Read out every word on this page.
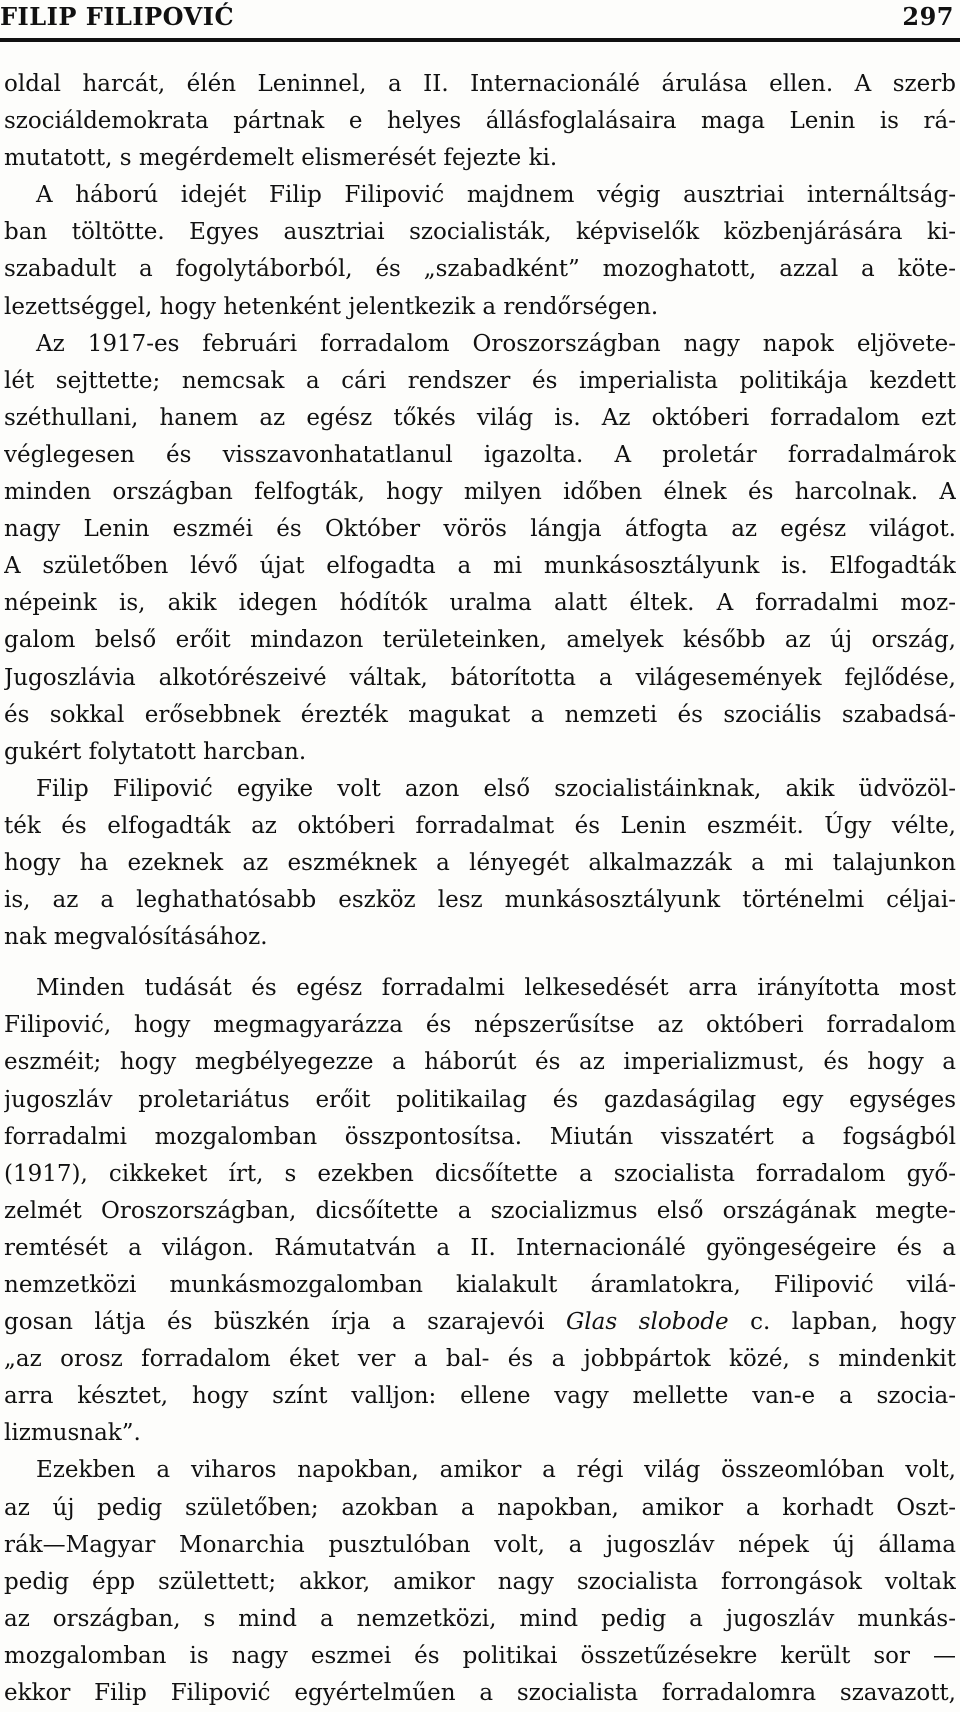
FILIP FILIPOVIĆ	297
oldal harcát, élén Leninnel, a II. Internacionálé árulása ellen. A szerb
szociáldemokrata pártnak e helyes állásfoglalásaira maga Lenin is rá-
mutatott, s megérdemelt elismerését fejezte ki.
A háború idejét Filip Filipović majdnem végig ausztriai internáltság-
ban töltötte. Egyes ausztriai szocialisták, képviselők közbenjárására ki-
szabadult a fogolytáborból, és „szabadként” mozoghatott, azzal a köte-
lezettséggel, hogy hetenként jelentkezik a rendőrségen.
Az 1917-es februári forradalom Oroszországban nagy napok eljövete-
lét sejttette; nemcsak a cári rendszer és imperialista politikája kezdett
széthullani, hanem az egész tőkés világ is. Az októberi forradalom ezt
véglegesen és visszavonhatatlanul igazolta. A proletár forradalmárok
minden országban felfogták, hogy milyen időben élnek és harcolnak. A
nagy Lenin eszméi és Október vörös lángja átfogta az egész világot.
A születőben lévő újat elfogadta a mi munkásosztályunk is. Elfogadták
népeink is, akik idegen hódítók uralma alatt éltek. A forradalmi moz-
galom belső erőit mindazon területeinken, amelyek később az új ország,
Jugoszlávia alkotórészeivé váltak, bátorította a világesemények fejlődése,
és sokkal erősebbnek érezték magukat a nemzeti és szociális szabadsá-
gukért folytatott harcban.
Filip Filipović egyike volt azon első szocialistáinknak, akik üdvözöl-
ték és elfogadták az októberi forradalmat és Lenin eszméit. Úgy vélte,
hogy ha ezeknek az eszméknek a lényegét alkalmazzák a mi talajunkon
is, az a leghathatósabb eszköz lesz munkásosztályunk történelmi céljai-
nak megvalósításához.
Minden tudását és egész forradalmi lelkesedését arra irányította most
Filipović, hogy megmagyarázza és népszerűsítse az októberi forradalom
eszméit; hogy megbélyegezze a háborút és az imperializmust, és hogy a
jugoszláv proletariátus erőit politikailag és gazdaságilag egy egységes
forradalmi mozgalomban összpontosítsa. Miután visszatért a fogságból
(1917), cikkeket írt, s ezekben dicsőítette a szocialista forradalom győ-
zelmét Oroszországban, dicsőítette a szocializmus első országának megte-
remtését a világon. Rámutatván a II. Internacionálé gyöngeségeire és a
nemzetközi munkásmozgalomban kialakult áramlatokra, Filipović vilá-
gosan látja és büszkén írja a szarajevói Glas slobode c. lapban, hogy
„az orosz forradalom éket ver a bal- és a jobbpártok közé, s mindenkit
arra késztet, hogy színt valljon: ellene vagy mellette van-e a szocia-
lizmusnak”.
Ezekben a viharos napokban, amikor a régi világ összeomlóban volt,
az új pedig születőben; azokban a napokban, amikor a korhadt Oszt-
rák—Magyar Monarchia pusztulóban volt, a jugoszláv népek új államа
pedig épp születtett; akkor, amikor nagy szocialista forrongások voltak
az országban, s mind a nemzetközi, mind pedig a jugoszláv munkás-
mozgalomban is nagy eszmei és politikai összetűzésekre került sor —
ekkor Filip Filipović egyértelműen a szocialista forradalomra szavazott,
